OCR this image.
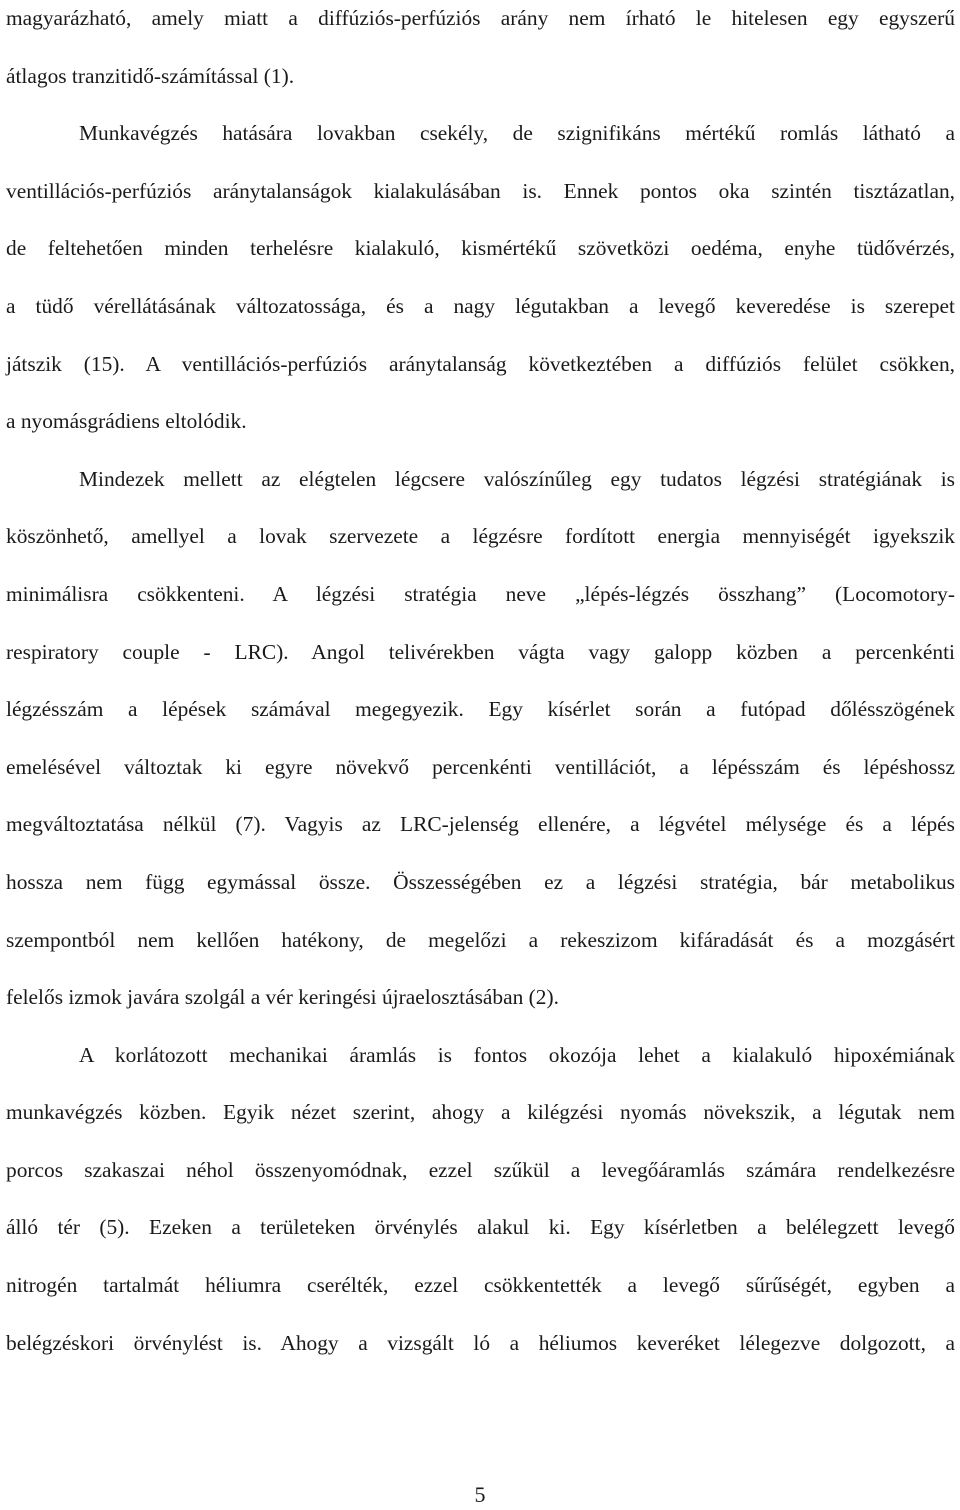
magyarázható, amely miatt a diffúziós-perfúziós arány nem írható le hitelesen egy egyszerű
átlagos tranzitidő-számítással (1).
Munkavégzés hatására lovakban csekély, de szignifikáns mértékű romlás látható a
ventillációs-perfúziós aránytalanságok kialakulásában is. Ennek pontos oka szintén tisztázatlan,
de feltehetően minden terhelésre kialakuló, kismértékű szövetközi oedéma, enyhe tüdővérzés,
a tüdő vérellátásának változatossága, és a nagy légutakban a levegő keveredése is szerepet
játszik (15). A ventillációs-perfúziós aránytalanság következtében a diffúziós felület csökken,
a nyomásgrádiens eltolódik.
Mindezek mellett az elégtelen légcsere valószínűleg egy tudatos légzési stratégiának is
köszönhető, amellyel a lovak szervezete a légzésre fordított energia mennyiségét igyekszik
minimálisra csökkenteni. A légzési stratégia neve „lépés-légzés összhang” (Locomotory-
respiratory couple - LRC). Angol telivérekben vágta vagy galopp közben a percenkénti
légzésszám a lépések számával megegyezik. Egy kísérlet során a futópad dőlésszögének
emelésével változtak ki egyre növekvő percenkénti ventillációt, a lépésszám és lépéshossz
megváltoztatása nélkül (7). Vagyis az LRC-jelenség ellenére, a légvétel mélysége és a lépés
hossza nem függ egymással össze. Összességében ez a légzési stratégia, bár metabolikus
szempontból nem kellően hatékony, de megelőzi a rekeszizom kifáradását és a mozgásért
felelős izmok javára szolgál a vér keringési újraelosztásában (2).
A korlátozott mechanikai áramlás is fontos okozója lehet a kialakuló hipoxémiának
munkavégzés közben. Egyik nézet szerint, ahogy a kilégzési nyomás növekszik, a légutak nem
porcos szakaszai néhol összenyomódnak, ezzel szűkül a levegőáramlás számára rendelkezésre
álló tér (5). Ezeken a területeken örvénylés alakul ki. Egy kísérletben a belélegzett levegő
nitrogén tartalmát héliumra cserélték, ezzel csökkentették a levegő sűrűségét, egyben a
belégzéskori örvénylést is. Ahogy a vizsgált ló a héliumos keveréket lélegezve dolgozott, a
5
